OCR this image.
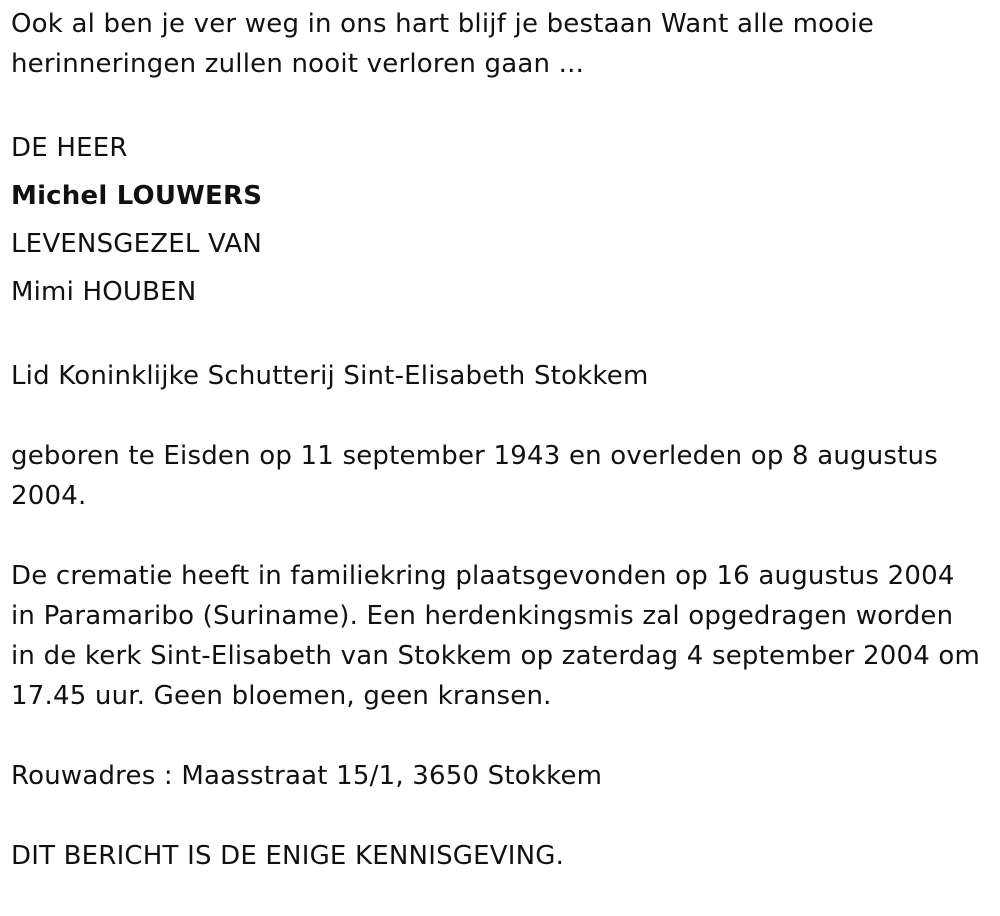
Ook al ben je ver weg in ons hart blijf je bestaan Want alle mooie
herinneringen zullen nooit verloren gaan ...
DE HEER
Michel LOUWERS
LEVENSGEZEL VAN
Mimi HOUBEN
Lid Koninklijke Schutterij Sint-Elisabeth Stokkem
geboren te Eisden op 11 september 1943 en overleden op 8 augustus
2004.
De crematie heeft in familiekring plaatsgevonden op 16 augustus 2004
in Paramaribo (Suriname). Een herdenkingsmis zal opgedragen worden
in de kerk Sint-Elisabeth van Stokkem op zaterdag 4 september 2004 om
17.45 uur. Geen bloemen, geen kransen.
Rouwadres : Maasstraat 15/1, 3650 Stokkem
DIT BERICHT IS DE ENIGE KENNISGEVING.
